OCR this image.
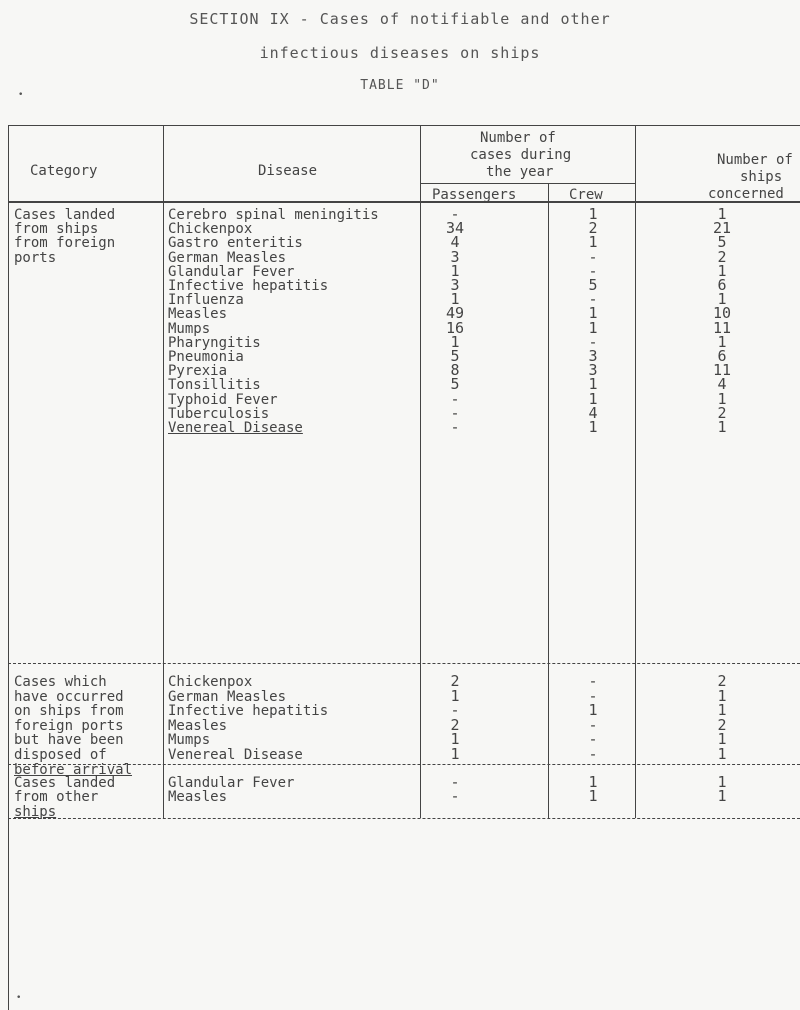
SECTION IX - Cases of notifiable and other
infectious diseases on ships
TABLE "D"
Category	Disease
Number of
cases during
the year
Passengers	Crew
Number of
ships
concerned
Cases landed
from ships
from foreign
ports
Cerebro spinal meningitis	-	1	1
Chickenpox	34	2	21
Gastro enteritis	4	1	5
German Measles	3	-	2
Glandular Fever	1	-	1
Infective hepatitis	3	5	6
Influenza	1	-	1
Measles	49	1	10
Mumps	16	1	11
Pharyngitis	1	-	1
Pneumonia	5	3	6
Pyrexia	8	3	11
Tonsillitis	5	1	4
Typhoid Fever	-	1	1
Tuberculosis	-	4	2
Venereal Disease	-	1	1
Cases which
have occurred
on ships from
foreign ports
but have been
disposed of
before arrival
Chickenpox	2	-	2
German Measles	1	-	1
Infective hepatitis	-	1	1
Measles	2	-	2
Mumps	1	-	1
Venereal Disease	1	-	1
Cases landed
from other
ships
Glandular Fever	-	1	1
Measles	-	1	1
•
•
